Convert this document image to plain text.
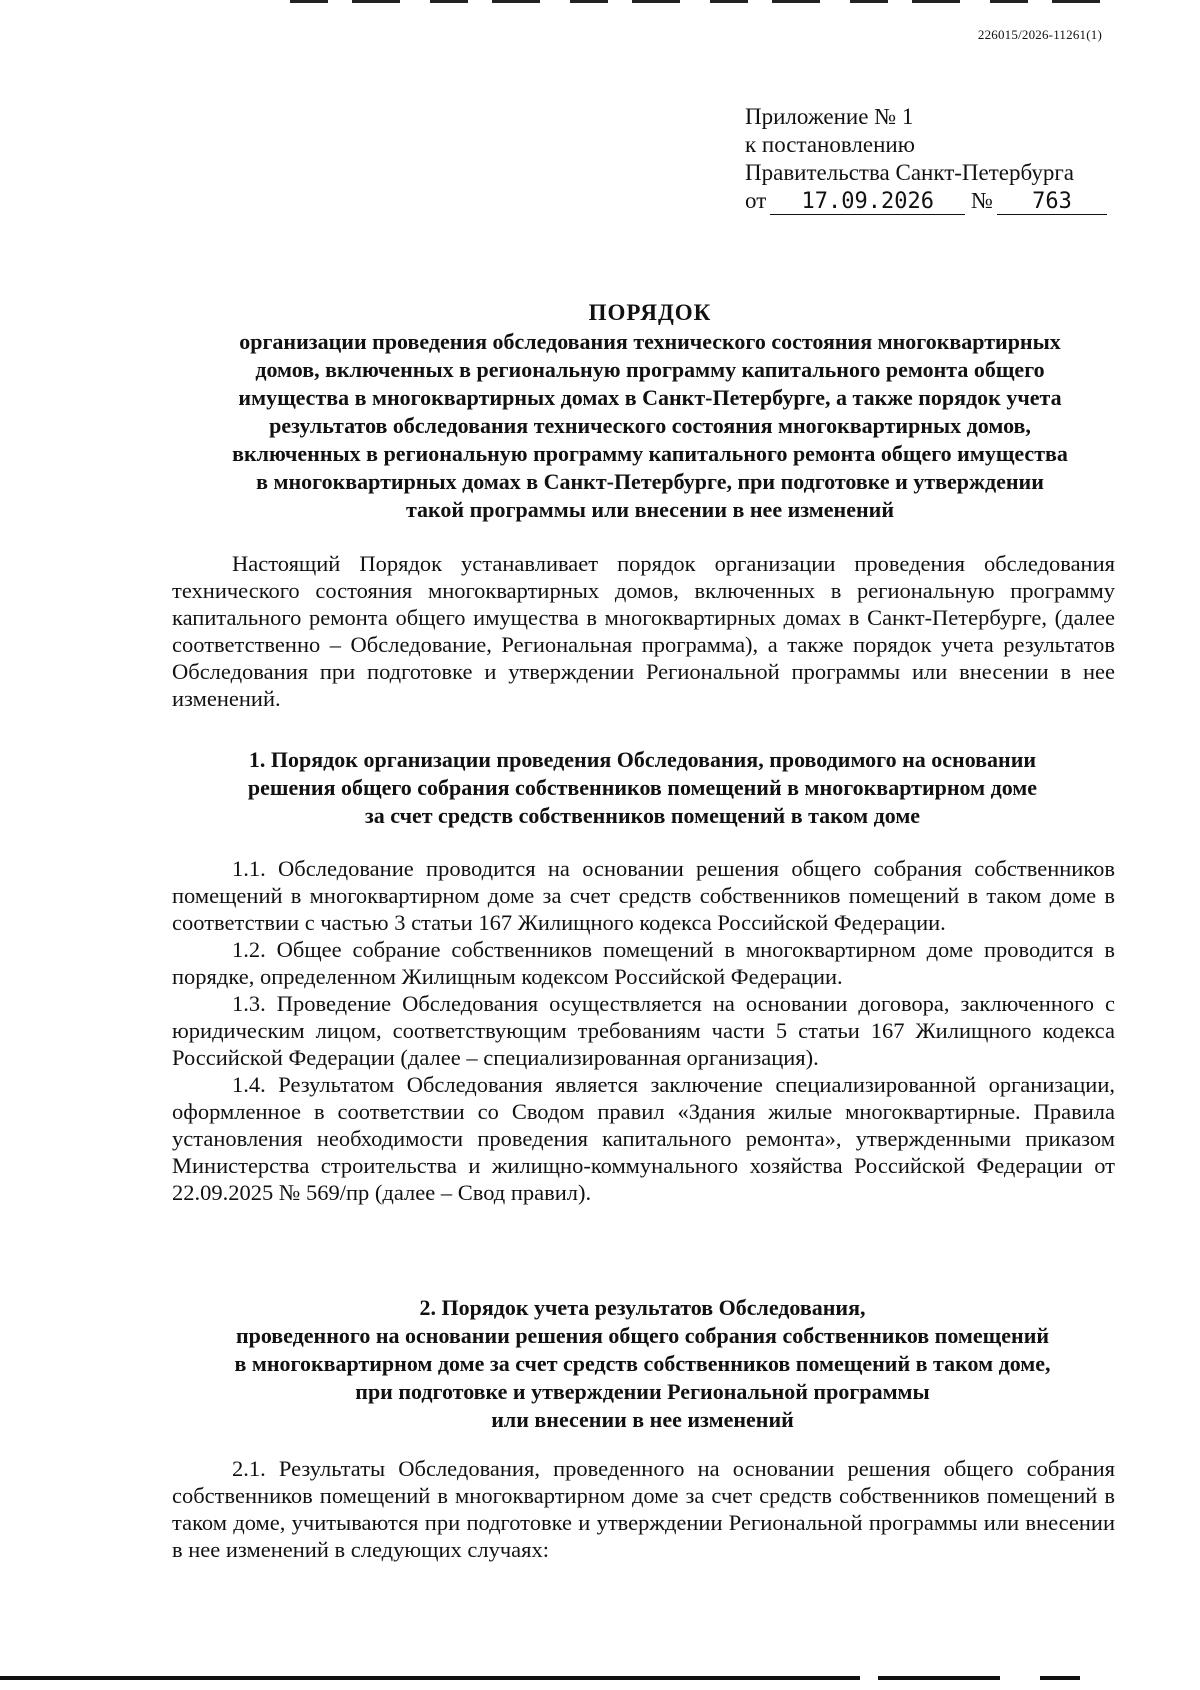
226015/2026-11261(1)
Приложение № 1
к постановлению
Правительства Санкт-Петербурга
от 17.09.2026 № 763
ПОРЯДОК
организации проведения обследования технического состояния многоквартирных
домов, включенных в региональную программу капитального ремонта общего
имущества в многоквартирных домах в Санкт-Петербурге, а также порядок учета
результатов обследования технического состояния многоквартирных домов,
включенных в региональную программу капитального ремонта общего имущества
в многоквартирных домах в Санкт-Петербурге, при подготовке и утверждении
такой программы или внесении в нее изменений

Настоящий Порядок устанавливает порядок организации проведения обследования технического состояния многоквартирных домов, включенных в региональную программу капитального ремонта общего имущества в многоквартирных домах в Санкт-Петербурге, (далее соответственно – Обследование, Региональная программа), а также порядок учета результатов Обследования при подготовке и утверждении Региональной программы или внесении в нее изменений.

1. Порядок организации проведения Обследования, проводимого на основании
решения общего собрания собственников помещений в многоквартирном доме
за счет средств собственников помещений в таком доме

1.1. Обследование проводится на основании решения общего собрания собственников помещений в многоквартирном доме за счет средств собственников помещений в таком доме в соответствии с частью 3 статьи 167 Жилищного кодекса Российской Федерации.

1.2. Общее собрание собственников помещений в многоквартирном доме проводится в порядке, определенном Жилищным кодексом Российской Федерации.

1.3. Проведение Обследования осуществляется на основании договора, заключенного с юридическим лицом, соответствующим требованиям части 5 статьи 167 Жилищного кодекса Российской Федерации (далее – специализированная организация).

1.4. Результатом Обследования является заключение специализированной организации, оформленное в соответствии со Сводом правил «Здания жилые многоквартирные. Правила установления необходимости проведения капитального ремонта», утвержденными приказом Министерства строительства и жилищно-коммунального хозяйства Российской Федерации от 22.09.2025 № 569/пр (далее – Свод правил).

2. Порядок учета результатов Обследования,
проведенного на основании решения общего собрания собственников помещений
в многоквартирном доме за счет средств собственников помещений в таком доме,
при подготовке и утверждении Региональной программы
или внесении в нее изменений

2.1. Результаты Обследования, проведенного на основании решения общего собрания собственников помещений в многоквартирном доме за счет средств собственников помещений в таком доме, учитываются при подготовке и утверждении Региональной программы или внесении в нее изменений в следующих случаях:
